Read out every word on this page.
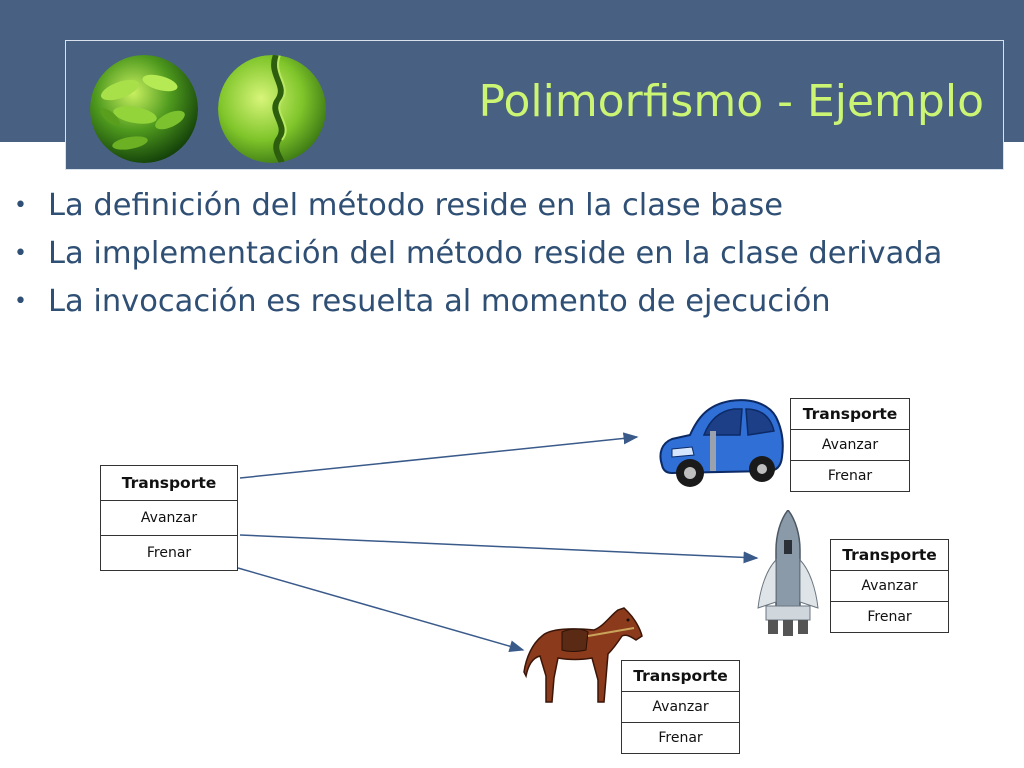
Polimorfismo - Ejemplo
• La definición del método reside en la clase base
• La implementación del método reside en la clase derivada
• La invocación es resuelta al momento de ejecución
Transporte
Avanzar
Frenar
Transporte
Avanzar
Frenar
Transporte
Avanzar
Frenar
Transporte
Avanzar
Frenar
